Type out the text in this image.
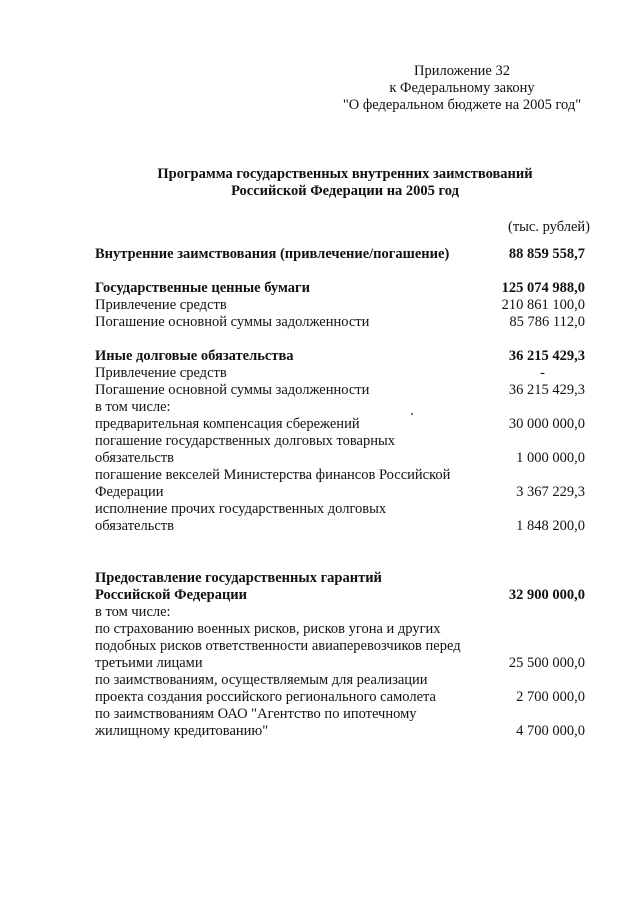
Приложение 32
к Федеральному закону
"О федеральном бюджете на 2005 год"
Программа государственных внутренних заимствований
Российской Федерации на 2005 год
(тыс. рублей)
Внутренние заимствования (привлечение/погашение)	88 859 558,7
Государственные ценные бумаги	125 074 988,0
Привлечение средств	210 861 100,0
Погашение основной суммы задолженности	85 786 112,0
Иные долговые обязательства	36 215 429,3
Привлечение средств	-
Погашение основной суммы задолженности	36 215 429,3
в том числе:
предварительная компенсация сбережений	30 000 000,0
погашение государственных долговых товарных
обязательств	1 000 000,0
погашение векселей Министерства финансов Российской
Федерации	3 367 229,3
исполнение прочих государственных долговых
обязательств	1 848 200,0
Предоставление государственных гарантий
Российской Федерации	32 900 000,0
в том числе:
по страхованию военных рисков, рисков угона и других
подобных рисков ответственности авиаперевозчиков перед
третьими лицами	25 500 000,0
по заимствованиям, осуществляемым для реализации
проекта создания российского регионального самолета	2 700 000,0
по заимствованиям ОАО "Агентство по ипотечному
жилищному кредитованию"	4 700 000,0
